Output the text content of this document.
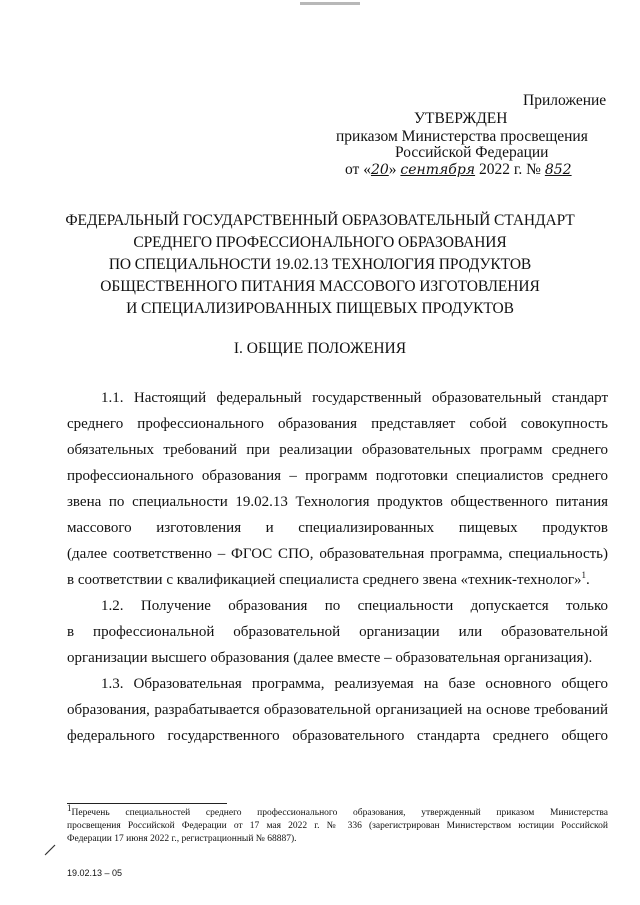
Приложение
УТВЕРЖДЕН
приказом Министерства просвещения
Российской Федерации
от «20» сентября 2022 г. № 852
ФЕДЕРАЛЬНЫЙ ГОСУДАРСТВЕННЫЙ ОБРАЗОВАТЕЛЬНЫЙ СТАНДАРТ
СРЕДНЕГО ПРОФЕССИОНАЛЬНОГО ОБРАЗОВАНИЯ
ПО СПЕЦИАЛЬНОСТИ 19.02.13 ТЕХНОЛОГИЯ ПРОДУКТОВ
ОБЩЕСТВЕННОГО ПИТАНИЯ МАССОВОГО ИЗГОТОВЛЕНИЯ
И СПЕЦИАЛИЗИРОВАННЫХ ПИЩЕВЫХ ПРОДУКТОВ
I. ОБЩИЕ ПОЛОЖЕНИЯ
1.1. Настоящий федеральный государственный образовательный стандарт
среднего профессионального образования представляет собой совокупность
обязательных требований при реализации образовательных программ среднего
профессионального образования – программ подготовки специалистов среднего
звена по специальности 19.02.13 Технология продуктов общественного питания
массового изготовления и специализированных пищевых продуктов
(далее соответственно – ФГОС СПО, образовательная программа, специальность)
в соответствии с квалификацией специалиста среднего звена «техник-технолог»$^1$.
1.2. Получение образования по специальности допускается только
в профессиональной образовательной организации или образовательной
организации высшего образования (далее вместе – образовательная организация).
1.3. Образовательная программа, реализуемая на базе основного общего
образования, разрабатывается образовательной организацией на основе требований
федерального государственного образовательного стандарта среднего общего
$^1$Перечень специальностей среднего профессионального образования, утвержденный приказом Министерства
просвещения Российской Федерации от 17 мая 2022 г. № 336 (зарегистрирован Министерством юстиции Российской
Федерации 17 июня 2022 г., регистрационный № 68887).
19.02.13 – 05
